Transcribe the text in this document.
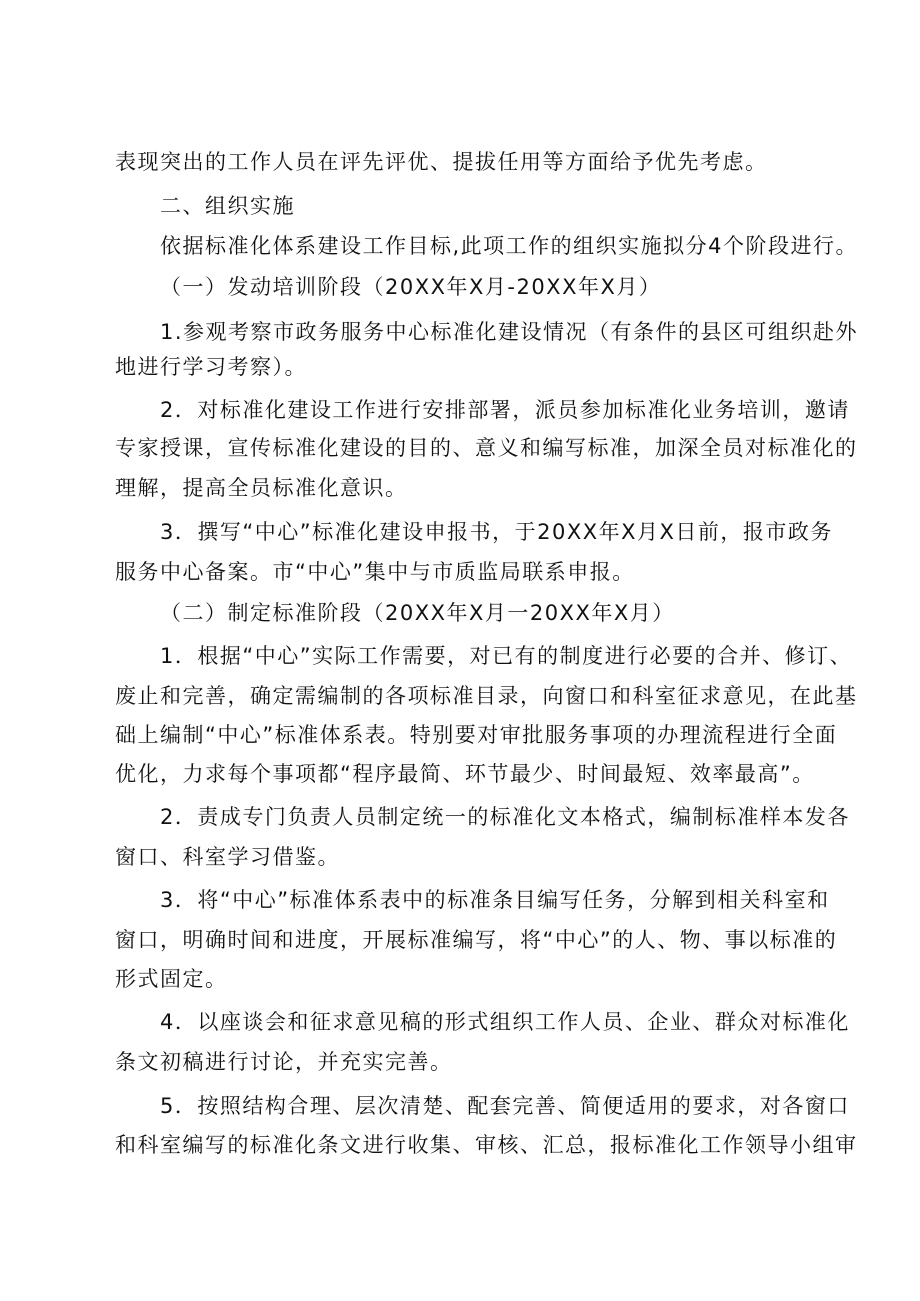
表现突出的工作人员在评先评优、提拔任用等方面给予优先考虑。
二、组织实施
依据标准化体系建设工作目标,此项工作的组织实施拟分4个阶段进行。
（一）发动培训阶段（20XX年X月-20XX年X月）
1.参观考察市政务服务中心标准化建设情况（有条件的县区可组织赴外
地进行学习考察）。
2．对标准化建设工作进行安排部署，派员参加标准化业务培训，邀请
专家授课，宣传标准化建设的目的、意义和编写标准，加深全员对标准化的
理解，提高全员标准化意识。
3．撰写“中心”标准化建设申报书，于20XX年X月X日前，报市政务
服务中心备案。市“中心”集中与市质监局联系申报。
（二）制定标准阶段（20XX年X月一20XX年X月）
1．根据“中心”实际工作需要，对已有的制度进行必要的合并、修订、
废止和完善，确定需编制的各项标准目录，向窗口和科室征求意见，在此基
础上编制“中心”标准体系表。特别要对审批服务事项的办理流程进行全面
优化，力求每个事项都“程序最简、环节最少、时间最短、效率最高”。
2．责成专门负责人员制定统一的标准化文本格式，编制标准样本发各
窗口、科室学习借鉴。
3．将“中心”标准体系表中的标准条目编写任务，分解到相关科室和
窗口，明确时间和进度，开展标准编写，将“中心”的人、物、事以标准的
形式固定。
4．以座谈会和征求意见稿的形式组织工作人员、企业、群众对标准化
条文初稿进行讨论，并充实完善。
5．按照结构合理、层次清楚、配套完善、简便适用的要求，对各窗口
和科室编写的标准化条文进行收集、审核、汇总，报标准化工作领导小组审
